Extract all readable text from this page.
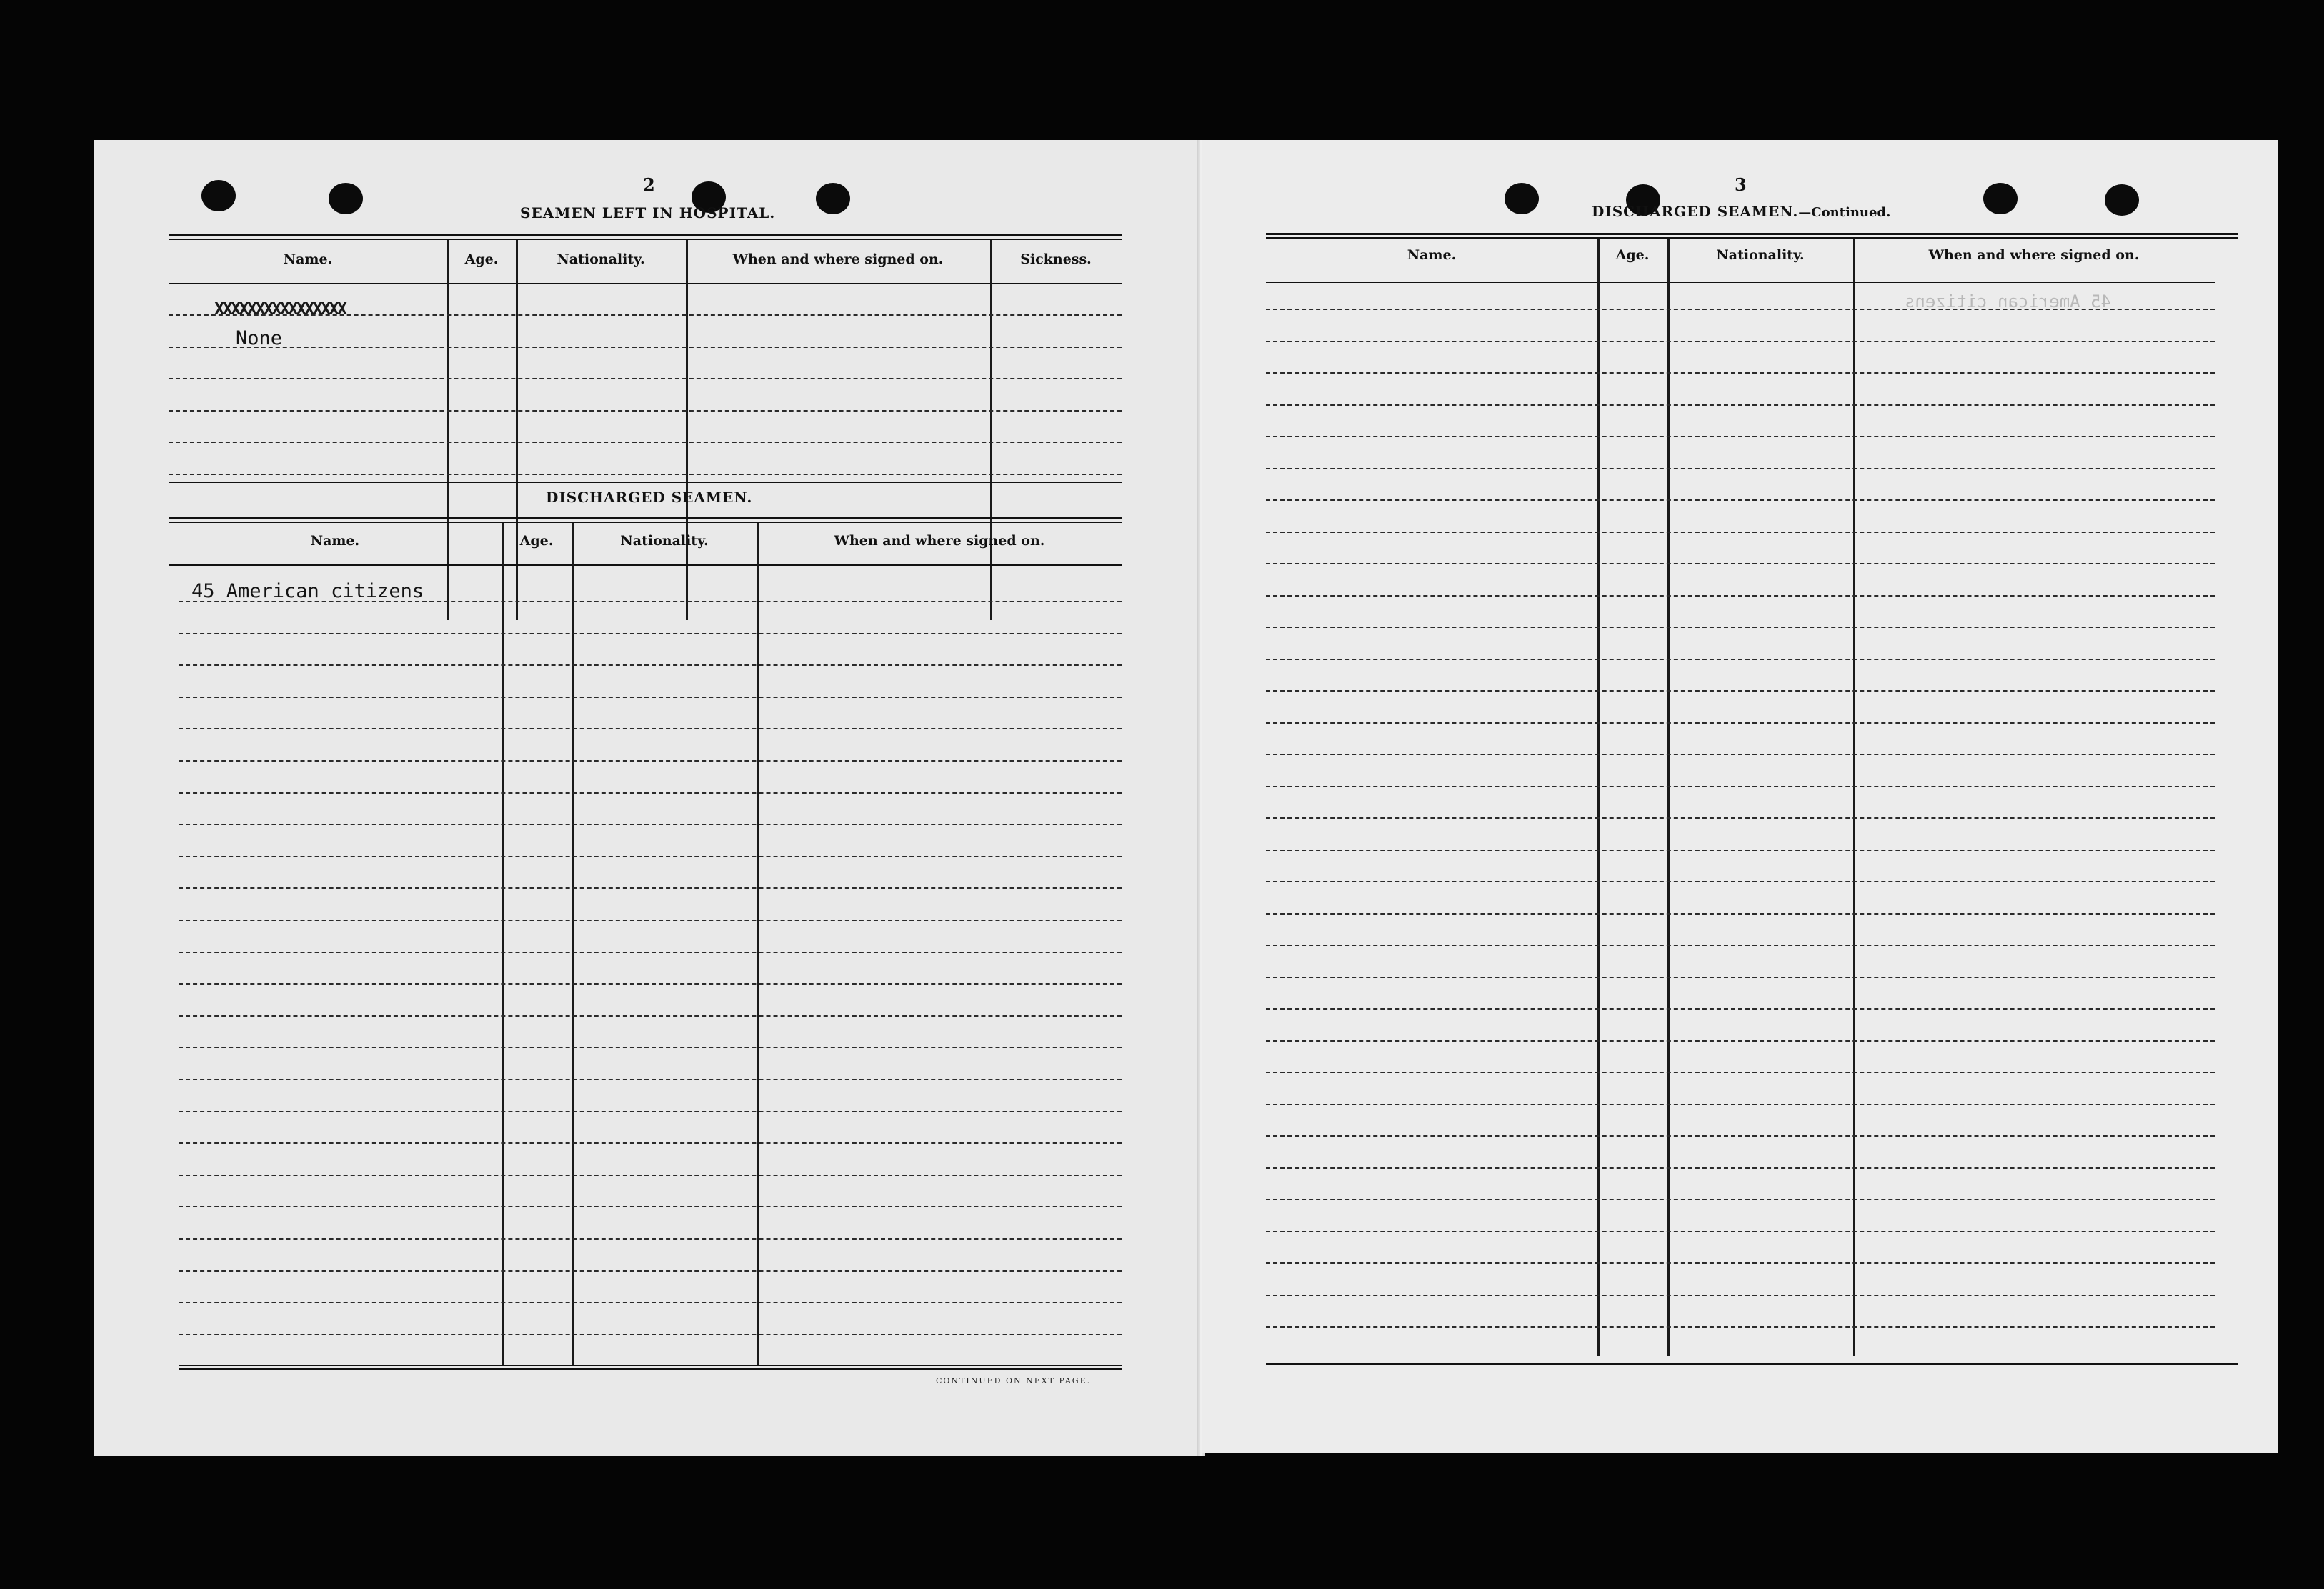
2
SEAMEN LEFT IN HOSPITAL.
Name.	Age.	Nationality.	When and where signed on.	Sickness.
XXXXXXXXXXXXXXXX
None
DISCHARGED SEAMEN.
Name.	Age.	Nationality.	When and where signed on.
45 American citizens
CONTINUED ON NEXT PAGE.
3
DISCHARGED SEAMEN.—Continued.
Name.	Age.	Nationality.	When and where signed on.
45 American citizens
